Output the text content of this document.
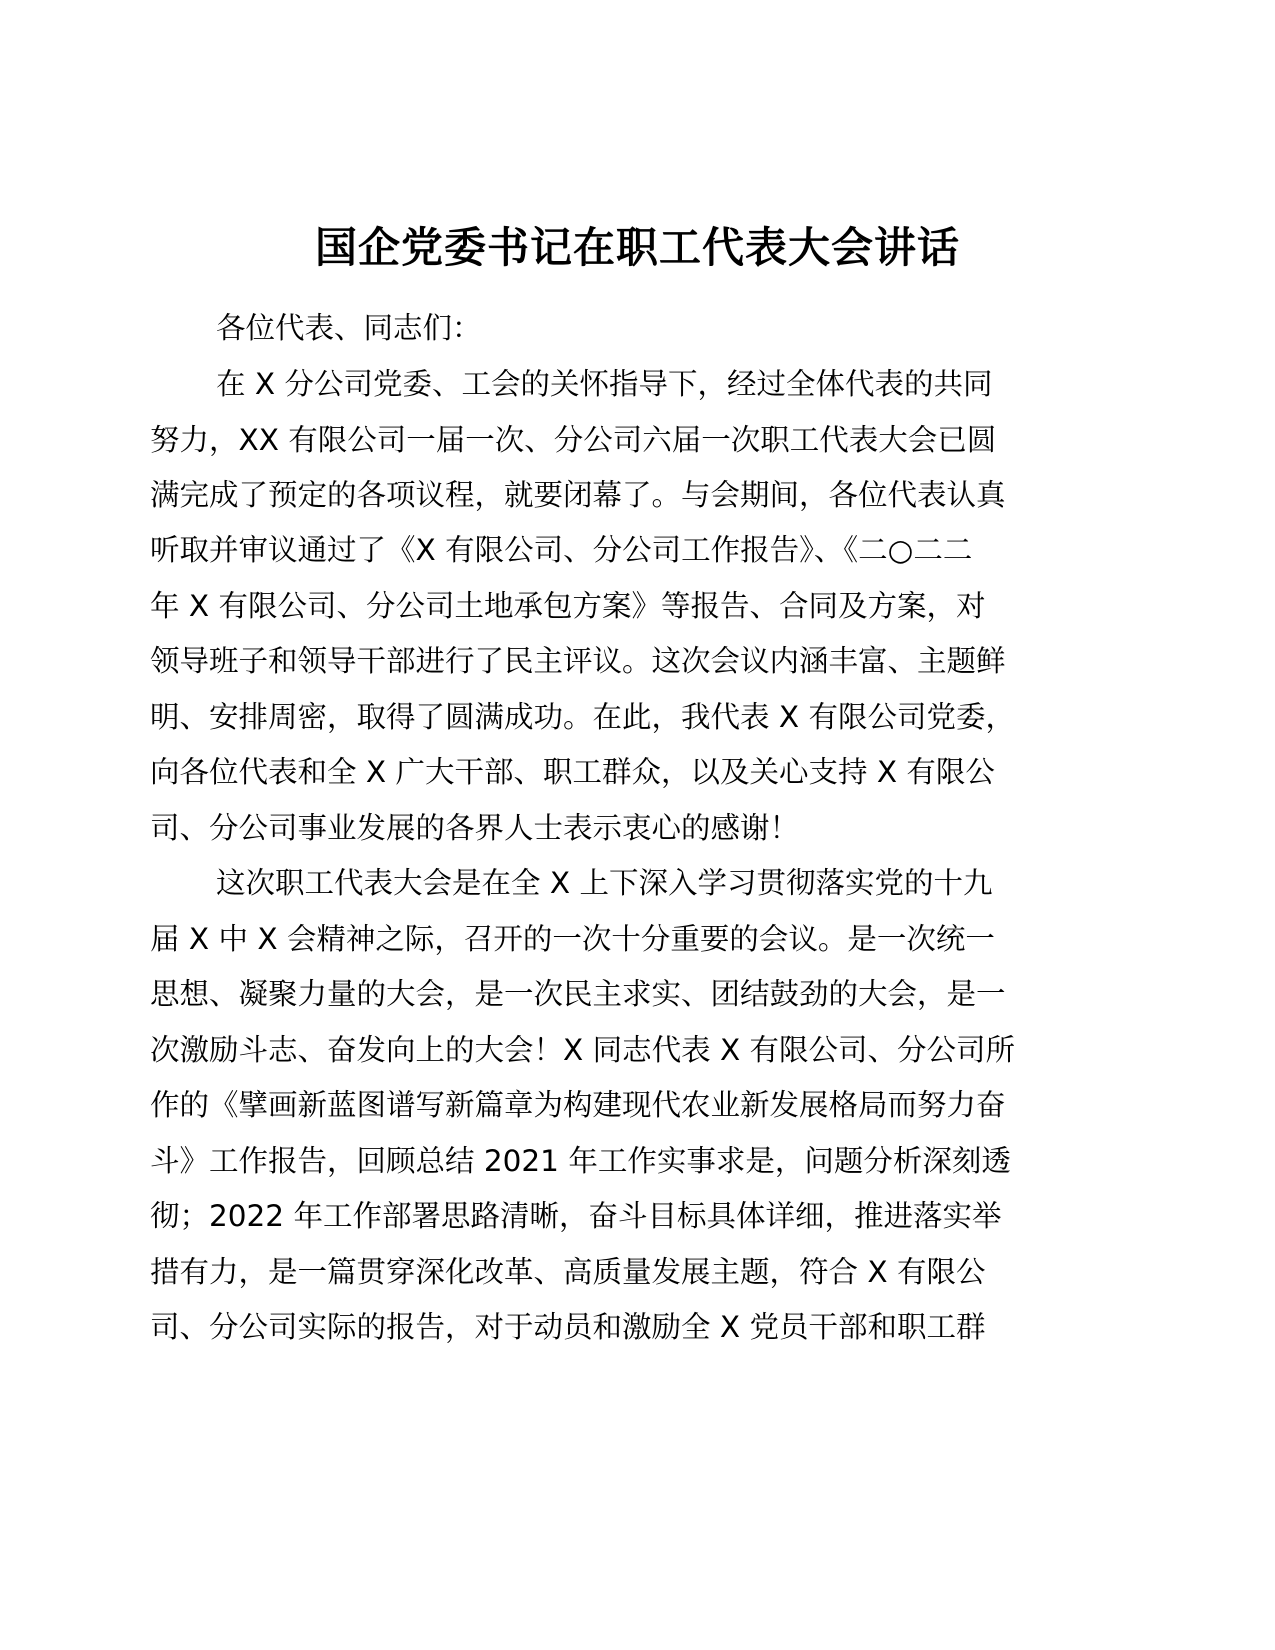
国企党委书记在职工代表大会讲话

各位代表、同志们：

在 X 分公司党委、工会的关怀指导下，经过全体代表的共同

努力，XX 有限公司一届一次、分公司六届一次职工代表大会已圆

满完成了预定的各项议程，就要闭幕了。与会期间，各位代表认真

听取并审议通过了《X 有限公司、分公司工作报告》、《二○二二

年 X 有限公司、分公司土地承包方案》等报告、合同及方案，对

领导班子和领导干部进行了民主评议。这次会议内涵丰富、主题鲜

明、安排周密，取得了圆满成功。在此，我代表 X 有限公司党委，

向各位代表和全 X 广大干部、职工群众，以及关心支持 X 有限公

司、分公司事业发展的各界人士表示衷心的感谢！

这次职工代表大会是在全 X 上下深入学习贯彻落实党的十九

届 X 中 X 会精神之际，召开的一次十分重要的会议。是一次统一

思想、凝聚力量的大会，是一次民主求实、团结鼓劲的大会，是一

次激励斗志、奋发向上的大会！X 同志代表 X 有限公司、分公司所

作的《擘画新蓝图谱写新篇章为构建现代农业新发展格局而努力奋

斗》工作报告，回顾总结 2021 年工作实事求是，问题分析深刻透

彻；2022 年工作部署思路清晰，奋斗目标具体详细，推进落实举

措有力，是一篇贯穿深化改革、高质量发展主题，符合 X 有限公

司、分公司实际的报告，对于动员和激励全 X 党员干部和职工群
